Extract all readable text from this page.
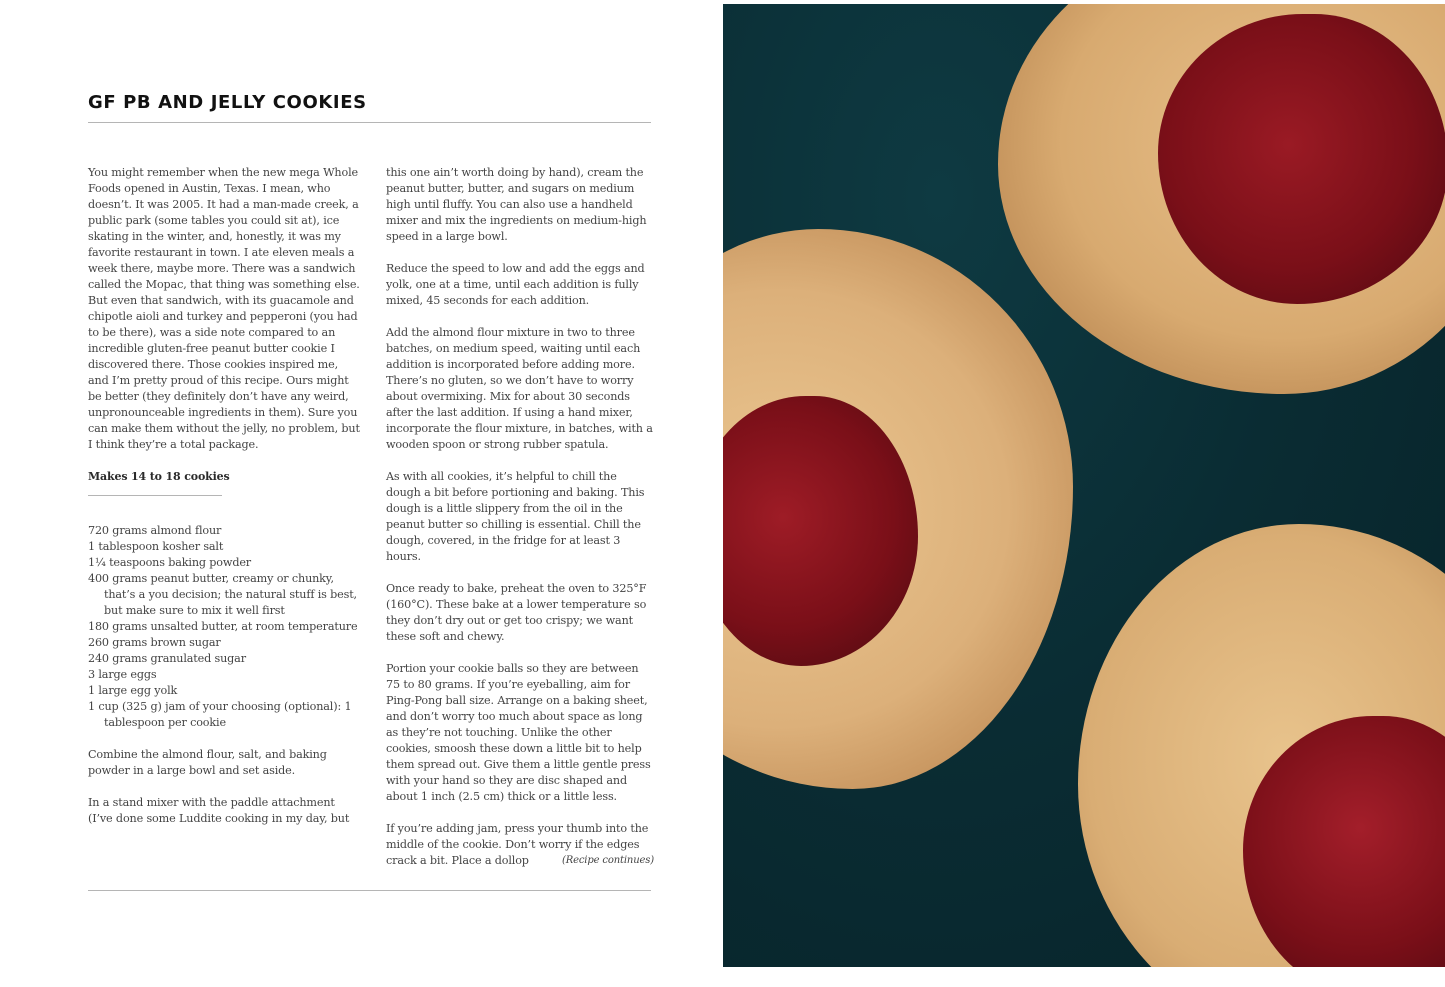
GF PB AND JELLY COOKIES

You might remember when the new mega Whole Foods opened in Austin, Texas. I mean, who doesn’t. It was 2005. It had a man-made creek, a public park (some tables you could sit at), ice skating in the winter, and, honestly, it was my favorite restaurant in town. I ate eleven meals a week there, maybe more. There was a sandwich called the Mopac, that thing was something else. But even that sandwich, with its guacamole and chipotle aioli and turkey and pepperoni (you had to be there), was a side note compared to an incredible gluten-free peanut butter cookie I discovered there. Those cookies inspired me, and I’m pretty proud of this recipe. Ours might be better (they definitely don’t have any weird, unpronounceable ingredients in them). Sure you can make them without the jelly, no problem, but I think they’re a total package.

Makes 14 to 18 cookies
720 grams almond flour
1 tablespoon kosher salt
1¼ teaspoons baking powder
400 grams peanut butter, creamy or chunky, that’s a you decision; the natural stuff is best, but make sure to mix it well first
180 grams unsalted butter, at room temperature
260 grams brown sugar
240 grams granulated sugar
3 large eggs
1 large egg yolk
1 cup (325 g) jam of your choosing (optional): 1 tablespoon per cookie

Combine the almond flour, salt, and baking powder in a large bowl and set aside.

In a stand mixer with the paddle attachment (I’ve done some Luddite cooking in my day, but

this one ain’t worth doing by hand), cream the peanut butter, butter, and sugars on medium high until fluffy. You can also use a handheld mixer and mix the ingredients on medium-high speed in a large bowl.

Reduce the speed to low and add the eggs and yolk, one at a time, until each addition is fully mixed, 45 seconds for each addition.

Add the almond flour mixture in two to three batches, on medium speed, waiting until each addition is incorporated before adding more. There’s no gluten, so we don’t have to worry about overmixing. Mix for about 30 seconds after the last addition. If using a hand mixer, incorporate the flour mixture, in batches, with a wooden spoon or strong rubber spatula.

As with all cookies, it’s helpful to chill the dough a bit before portioning and baking. This dough is a little slippery from the oil in the peanut butter so chilling is essential. Chill the dough, covered, in the fridge for at least 3 hours.

Once ready to bake, preheat the oven to 325°F (160°C). These bake at a lower temperature so they don’t dry out or get too crispy; we want these soft and chewy.

Portion your cookie balls so they are between 75 to 80 grams. If you’re eyeballing, aim for Ping-Pong ball size. Arrange on a baking sheet, and don’t worry too much about space as long as they’re not touching. Unlike the other cookies, smoosh these down a little bit to help them spread out. Give them a little gentle press with your hand so they are disc shaped and about 1 inch (2.5 cm) thick or a little less.

If you’re adding jam, press your thumb into the middle of the cookie. Don’t worry if the edges crack a bit. Place a dollop	(Recipe continues)
